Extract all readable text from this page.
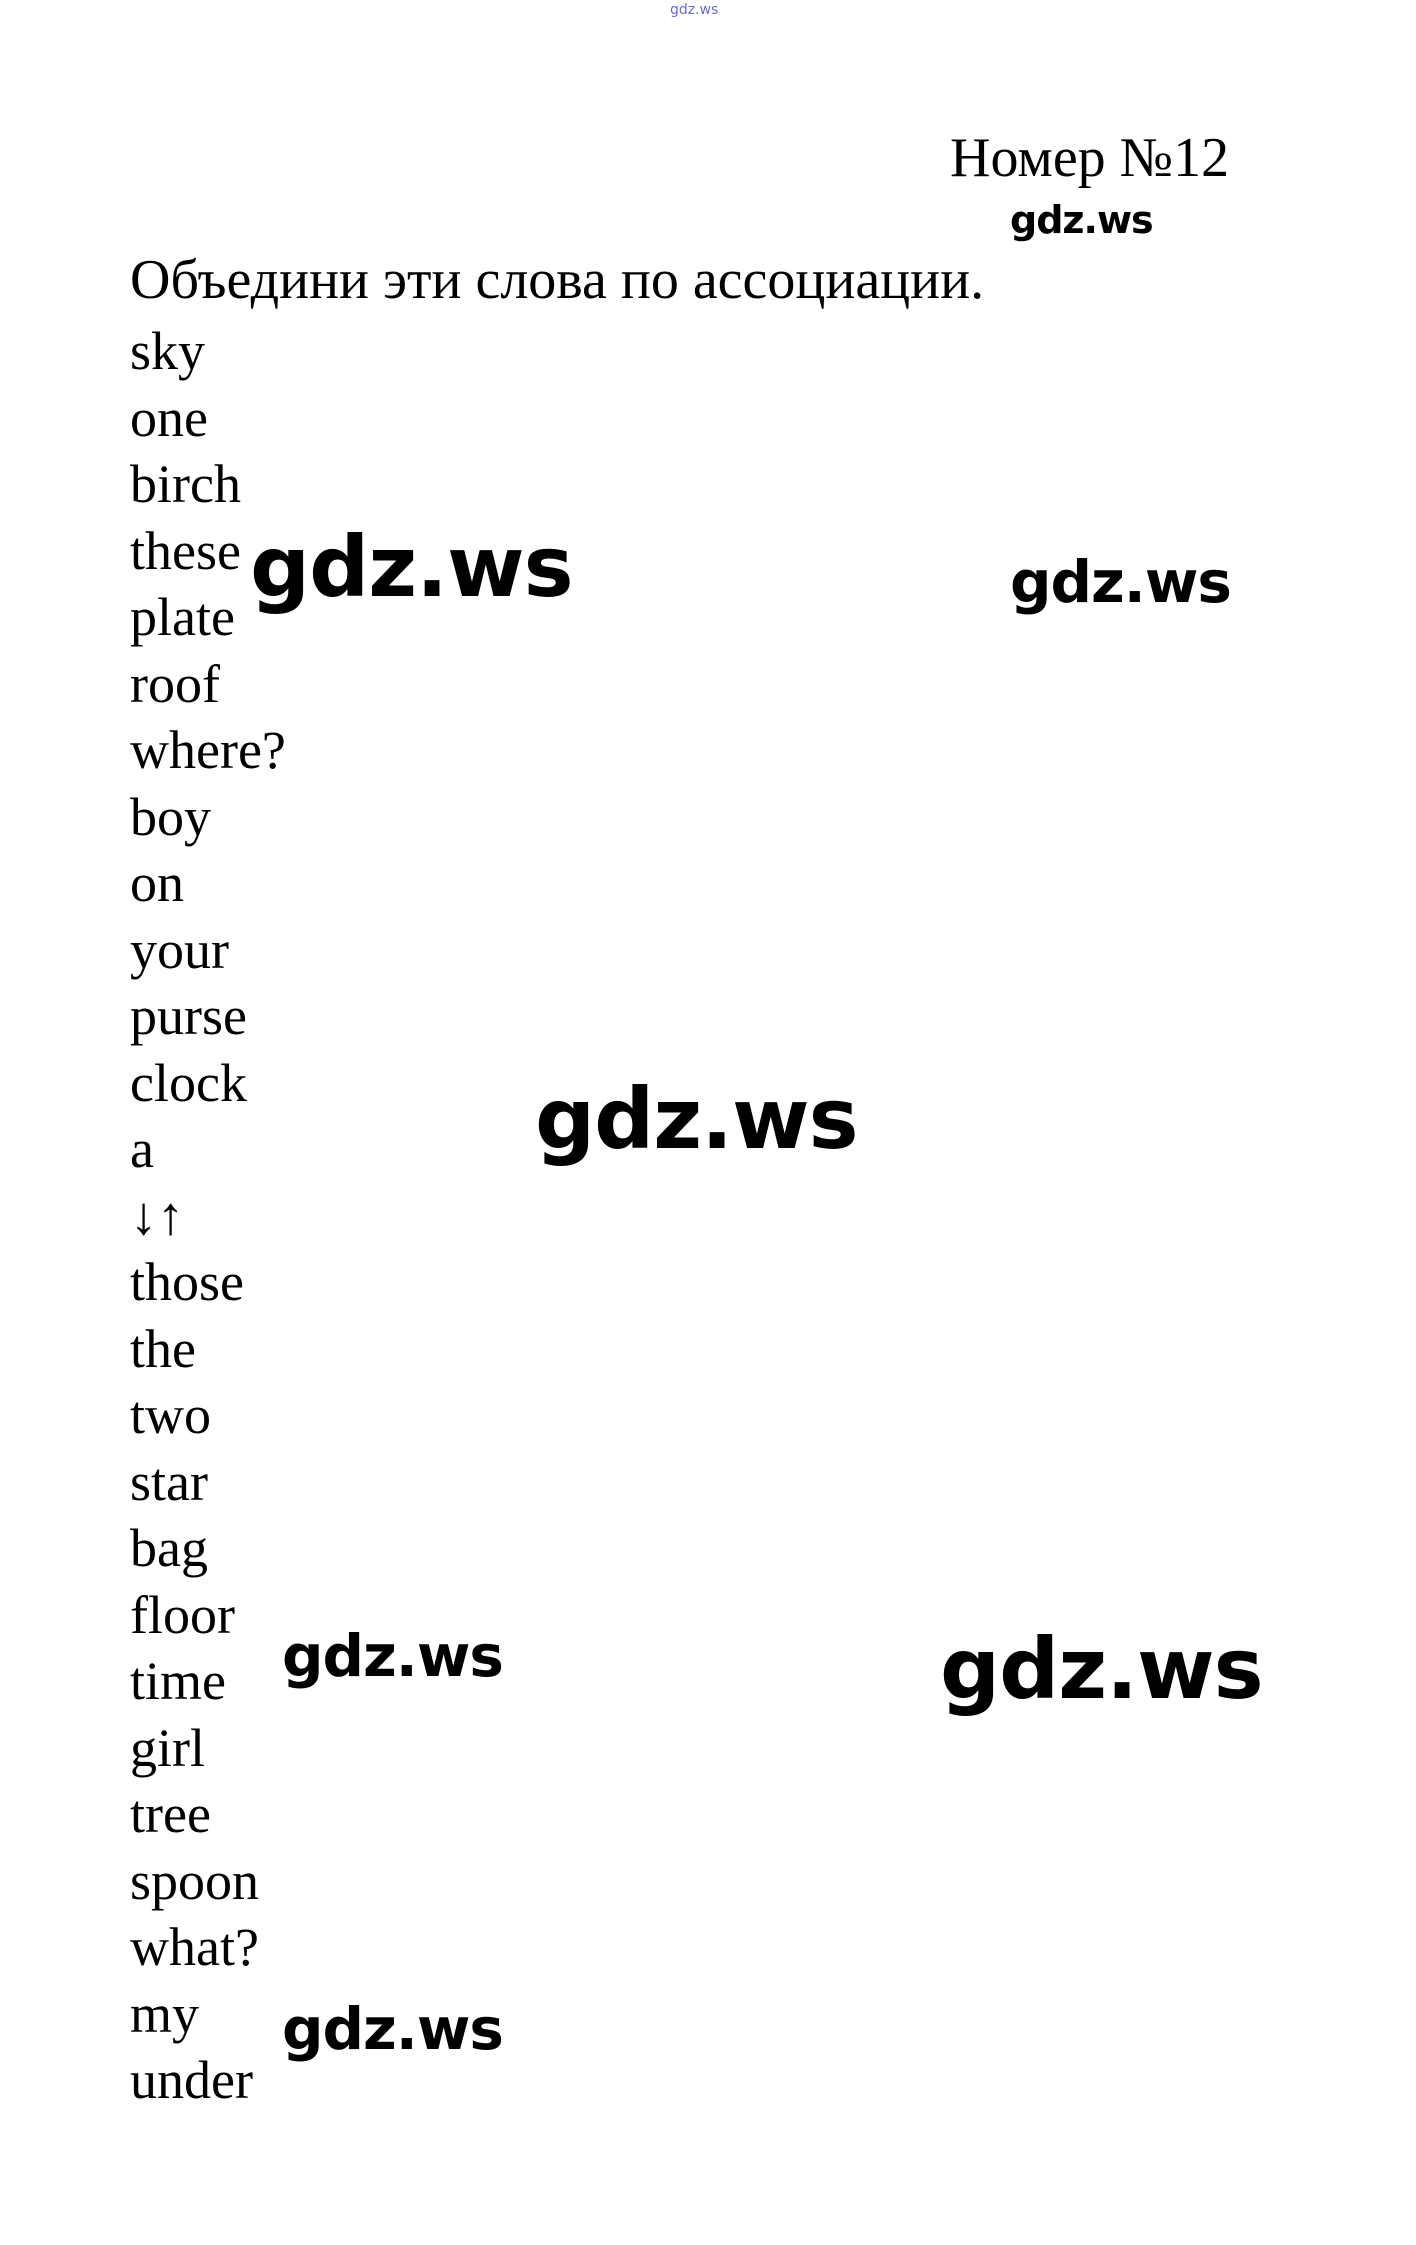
gdz.ws
Номер №12
Объедини эти слова по ассоциации.
sky
one
birch
these
plate
roof
where?
boy
on
your
purse
clock
a
↓↑
those
the
two
star
bag
floor
time
girl
tree
spoon
what?
my
under
gdz.ws
gdz.ws	gdz.ws
gdz.ws
gdz.ws	gdz.ws
gdz.ws
